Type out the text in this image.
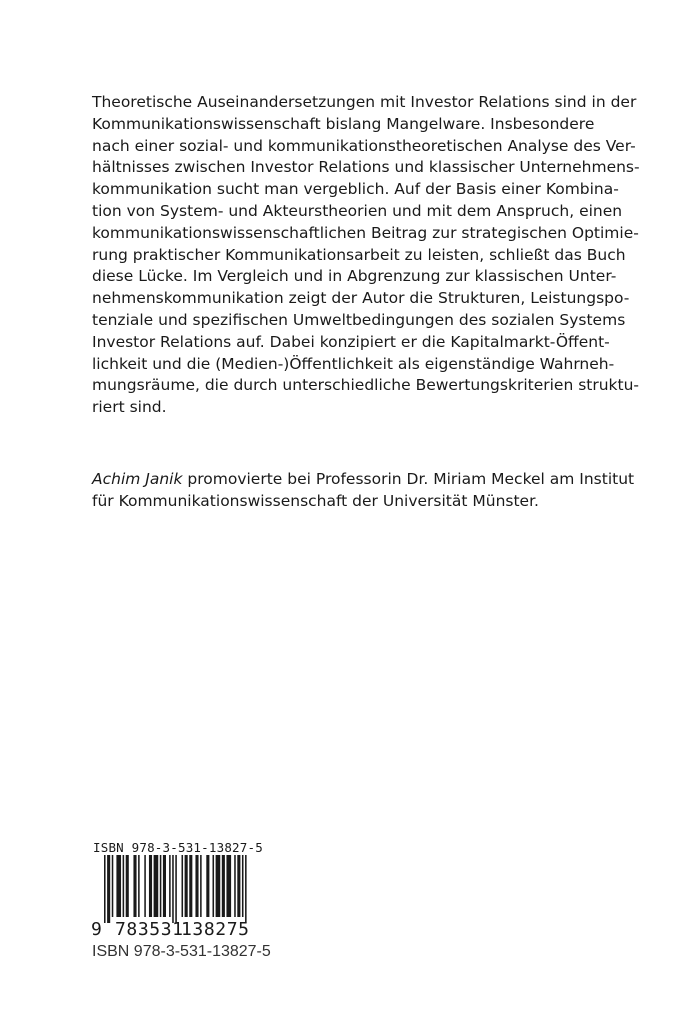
Theoretische Auseinandersetzungen mit Investor Relations sind in der
Kommunikationswissenschaft bislang Mangelware. Insbesondere
nach einer sozial- und kommunikationstheoretischen Analyse des Ver-
hältnisses zwischen Investor Relations und klassischer Unternehmens-
kommunikation sucht man vergeblich. Auf der Basis einer Kombina-
tion von System- und Akteurstheorien und mit dem Anspruch, einen
kommunikationswissenschaftlichen Beitrag zur strategischen Optimie-
rung praktischer Kommunikationsarbeit zu leisten, schließt das Buch
diese Lücke. Im Vergleich und in Abgrenzung zur klassischen Unter-
nehmenskommunikation zeigt der Autor die Strukturen, Leistungspo-
tenziale und spezifischen Umweltbedingungen des sozialen Systems
Investor Relations auf. Dabei konzipiert er die Kapitalmarkt-Öffent-
lichkeit und die (Medien-)Öffentlichkeit als eigenständige Wahrneh-
mungsräume, die durch unterschiedliche Bewertungskriterien struktu-
riert sind.
Achim Janik promovierte bei Professorin Dr. Miriam Meckel am Institut
für Kommunikationswissenschaft der Universität Münster.
ISBN 978-3-531-13827-5
9 783531
138275
ISBN 978-3-531-13827-5
